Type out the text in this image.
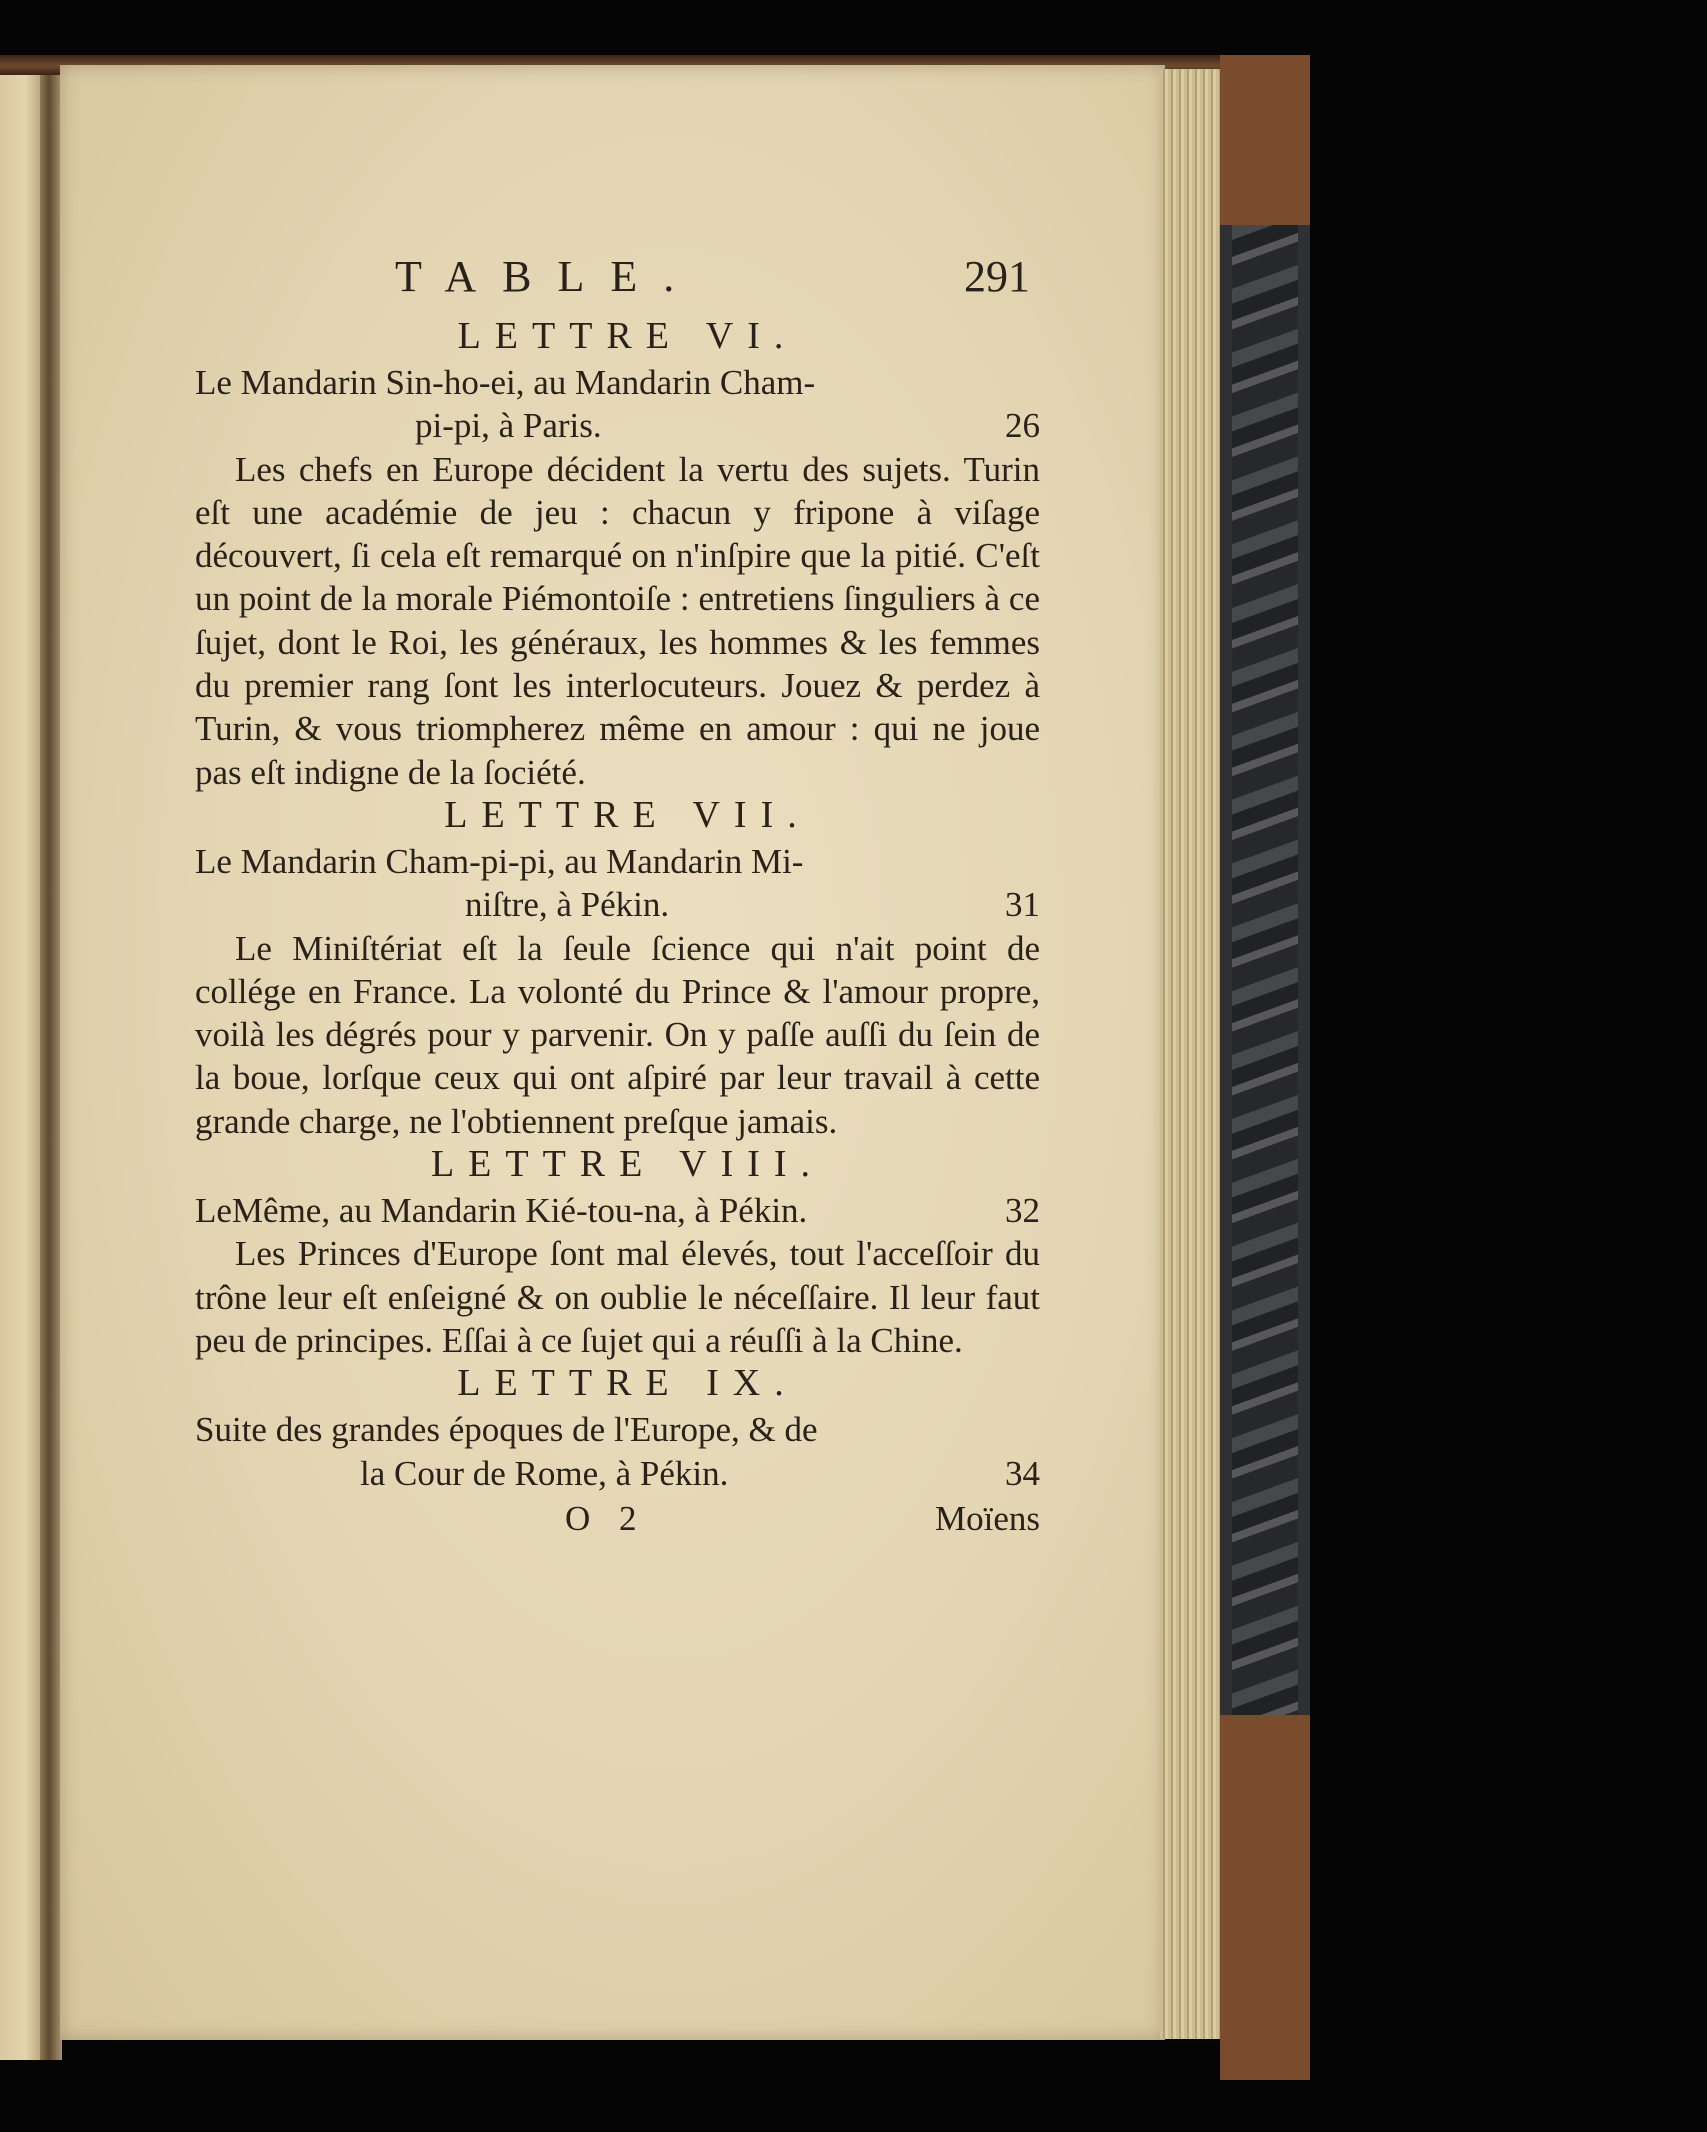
TABLE.	291
LETTRE VI.
Le Mandarin Sin-ho-ei, au Mandarin Cham-
pi-pi, à Paris.	26
Les chefs en Europe décident la vertu des sujets. Turin eſt une académie de jeu : chacun y fripone à viſage découvert, ſi cela eſt remarqué on n'inſpire que la pitié. C'eſt un point de la morale Piémontoiſe : entretiens ſinguliers à ce ſujet, dont le Roi, les généraux, les hommes & les femmes du premier rang ſont les interlocuteurs. Jouez & perdez à Turin, & vous triompherez même en amour : qui ne joue pas eſt indigne de la ſociété.
LETTRE VII.
Le Mandarin Cham-pi-pi, au Mandarin Mi-
niſtre, à Pékin.	31
Le Miniſtériat eſt la ſeule ſcience qui n'ait point de collége en France. La volonté du Prince & l'amour propre, voilà les dégrés pour y parvenir. On y paſſe auſſi du ſein de la boue, lorſque ceux qui ont aſpiré par leur travail à cette grande charge, ne l'obtiennent preſque jamais.
LETTRE VIII.
LeMême, au Mandarin Kié-tou-na, à Pékin.	32
Les Princes d'Europe ſont mal élevés, tout l'acceſſoir du trône leur eſt enſeigné & on oublie le néceſſaire. Il leur faut peu de principes. Eſſai à ce ſujet qui a réuſſi à la Chine.
LETTRE IX.
Suite des grandes époques de l'Europe, & de
la Cour de Rome, à Pékin.	34
O 2	Moïens
